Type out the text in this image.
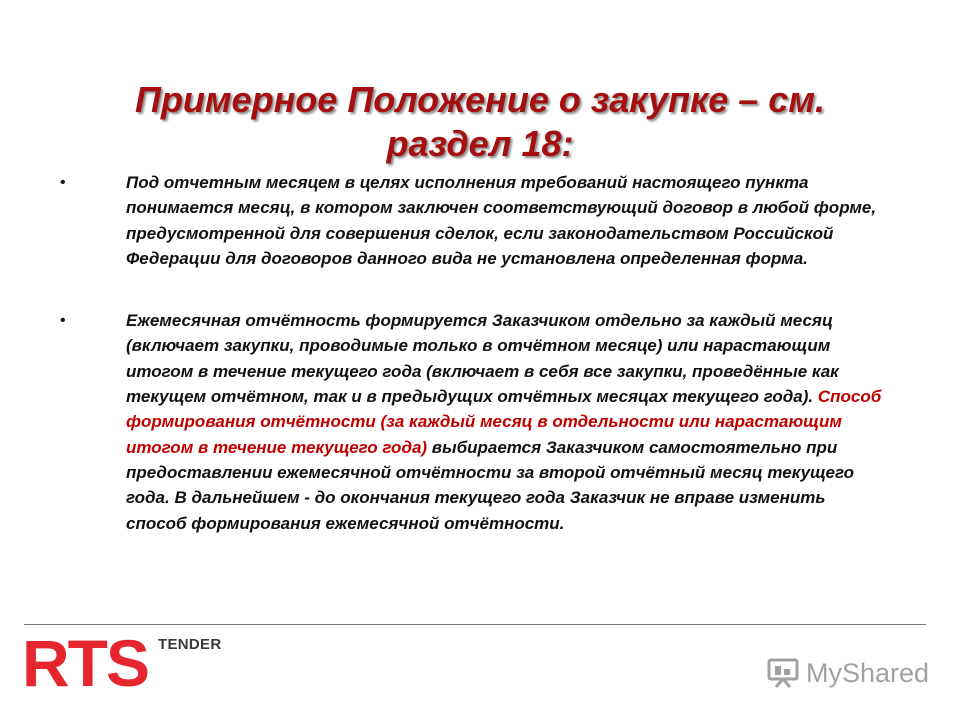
Примерное Положение о закупке – см.
раздел 18:
•	Под отчетным месяцем в целях исполнения требований настоящего пункта понимается месяц, в котором заключен соответствующий договор в любой форме, предусмотренной для совершения сделок, если законодательством Российской Федерации для договоров данного вида не установлена определенная форма.
•	Ежемесячная отчётность формируется Заказчиком отдельно за каждый месяц (включает закупки, проводимые только в отчётном месяце) или нарастающим итогом в течение текущего года (включает в себя все закупки, проведённые как текущем отчётном, так и в предыдущих отчётных месяцах текущего года). Способ формирования отчётности (за каждый месяц в отдельности или нарастающим итогом в течение текущего года) выбирается Заказчиком самостоятельно при предоставлении ежемесячной отчётности за второй отчётный месяц текущего года. В дальнейшем - до окончания текущего года Заказчик не вправе изменить способ формирования ежемесячной отчётности.
RTS TENDER
MyShared
